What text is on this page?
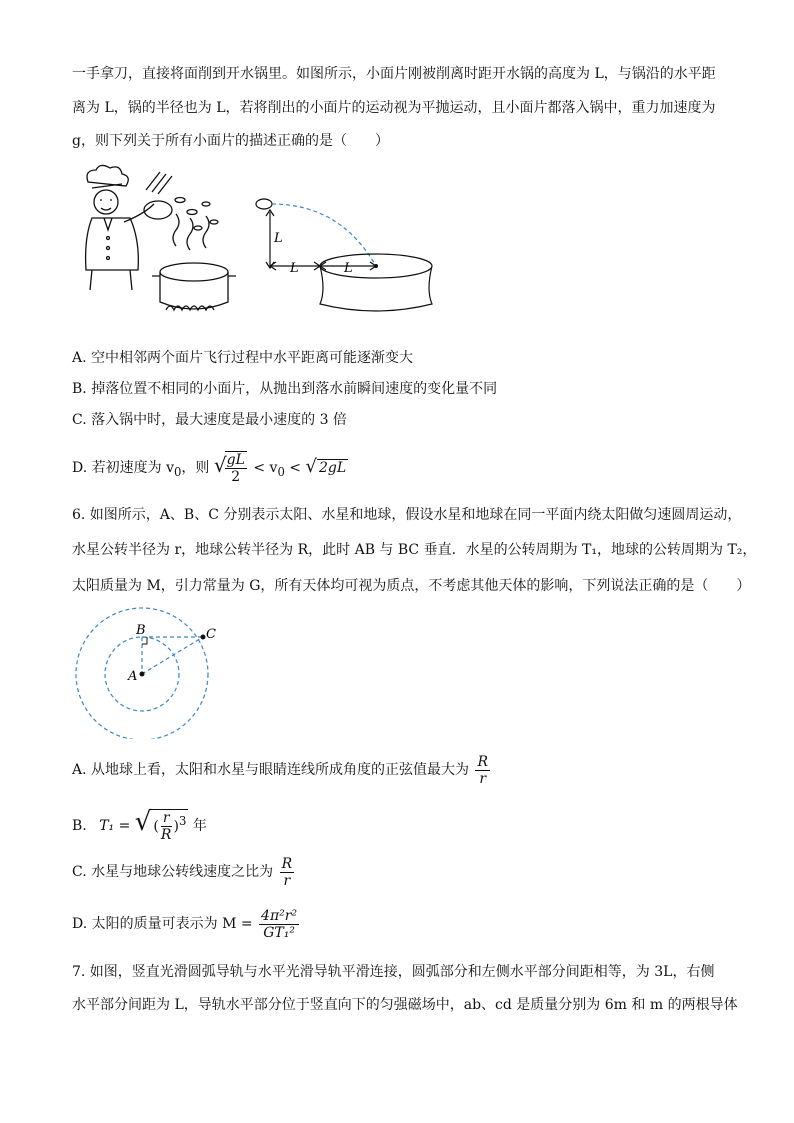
一手拿刀，直接将面削到开水锅里。如图所示，小面片刚被削离时距开水锅的高度为 L，与锅沿的水平距
离为 L，锅的半径也为 L，若将削出的小面片的运动视为平抛运动，且小面片都落入锅中，重力加速度为
g，则下列关于所有小面片的描述正确的是（　　）
L
L	L
A. 空中相邻两个面片飞行过程中水平距离可能逐渐变大
B. 掉落位置不相同的小面片，从抛出到落水前瞬间速度的变化量不同
C. 落入锅中时，最大速度是最小速度的 3 倍
D. 若初速度为 $v_0$，则 √
$\frac{gL}{2} < v_0$ < √ 2gL
6. 如图所示，A、B、C 分别表示太阳、水星和地球，假设水星和地球在同一平面内绕太阳做匀速圆周运动，
水星公转半径为 r，地球公转半径为 R，此时 AB 与 BC 垂直．水星的公转周期为 T₁，地球的公转周期为 T₂，
太阳质量为 M，引力常量为 G，所有天体均可视为质点，不考虑其他天体的影响，下列说法正确的是（　　）
B	C
A
A. 从地球上看，太阳和水星与眼睛连线所成角度的正弦值最大为 $\frac{R}{r}$
B. T₁ = √ ( $\frac{r}{R} )^3$ 年
C. 水星与地球公转线速度之比为 $\frac{R}{r}$
D. 太阳的质量可表示为 $M = \frac{\text{4π²r²}}{\text{GT₁²}}$
7. 如图，竖直光滑圆弧导轨与水平光滑导轨平滑连接，圆弧部分和左侧水平部分间距相等，为 3L，右侧
水平部分间距为 L，导轨水平部分位于竖直向下的匀强磁场中，ab、cd 是质量分别为 6m 和 m 的两根导体
